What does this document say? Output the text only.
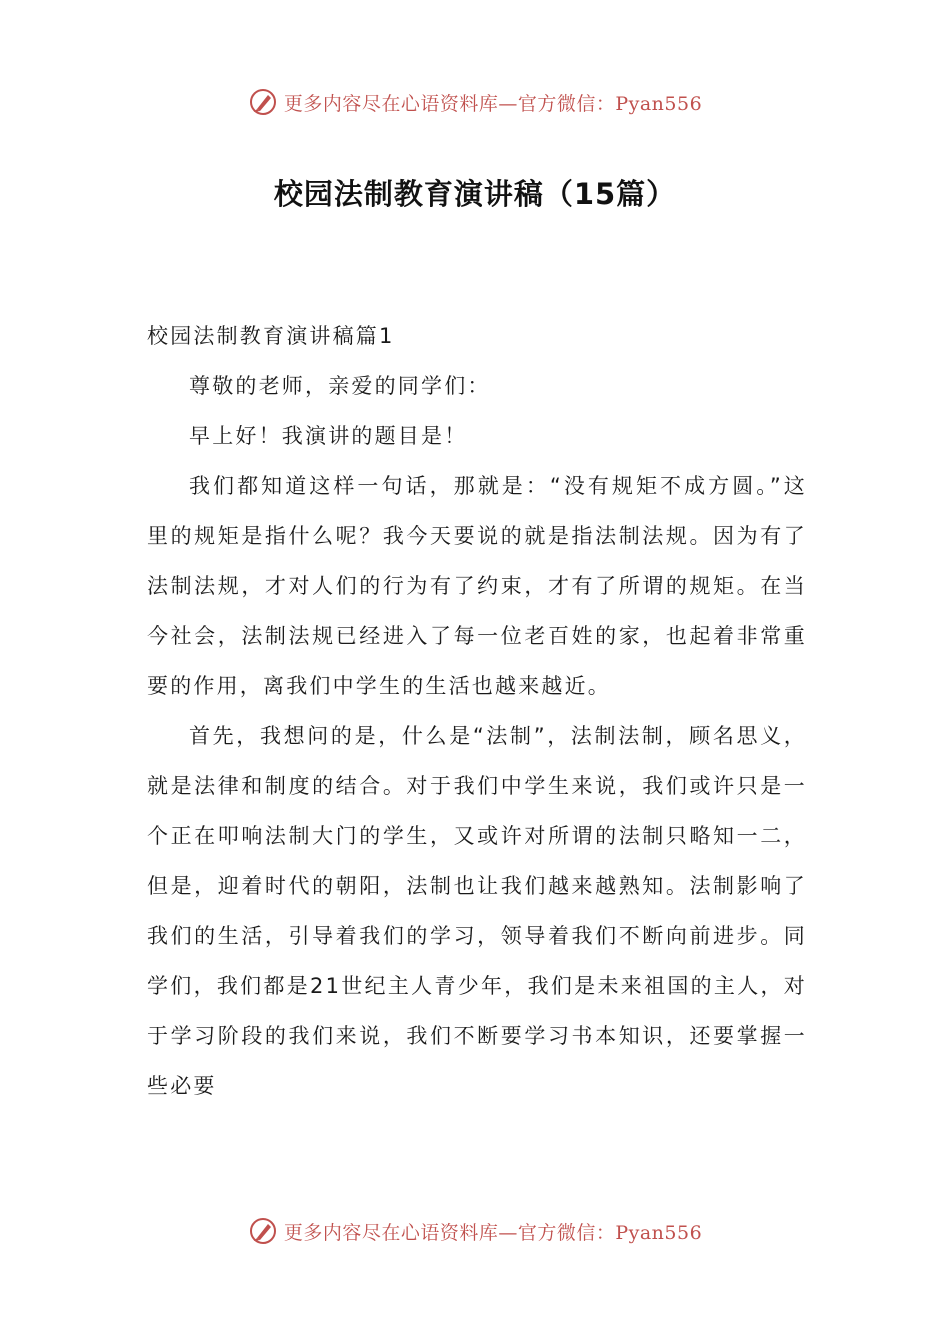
更多内容尽在心语资料库—官方微信：Pyan556
校园法制教育演讲稿（15篇）

校园法制教育演讲稿篇1

尊敬的老师，亲爱的同学们：

早上好！我演讲的题目是！

我们都知道这样一句话，那就是：“没有规矩不成方圆。”这里的规矩是指什么呢？我今天要说的就是指法制法规。因为有了法制法规，才对人们的行为有了约束，才有了所谓的规矩。在当今社会，法制法规已经进入了每一位老百姓的家，也起着非常重要的作用，离我们中学生的生活也越来越近。

首先，我想问的是，什么是“法制”，法制法制，顾名思义，就是法律和制度的结合。对于我们中学生来说，我们或许只是一个正在叩响法制大门的学生，又或许对所谓的法制只略知一二，但是，迎着时代的朝阳，法制也让我们越来越熟知。法制影响了我们的生活，引导着我们的学习，领导着我们不断向前进步。同学们，我们都是21世纪主人青少年，我们是未来祖国的主人，对于学习阶段的我们来说，我们不断要学习书本知识，还要掌握一些必要

更多内容尽在心语资料库—官方微信：Pyan556
